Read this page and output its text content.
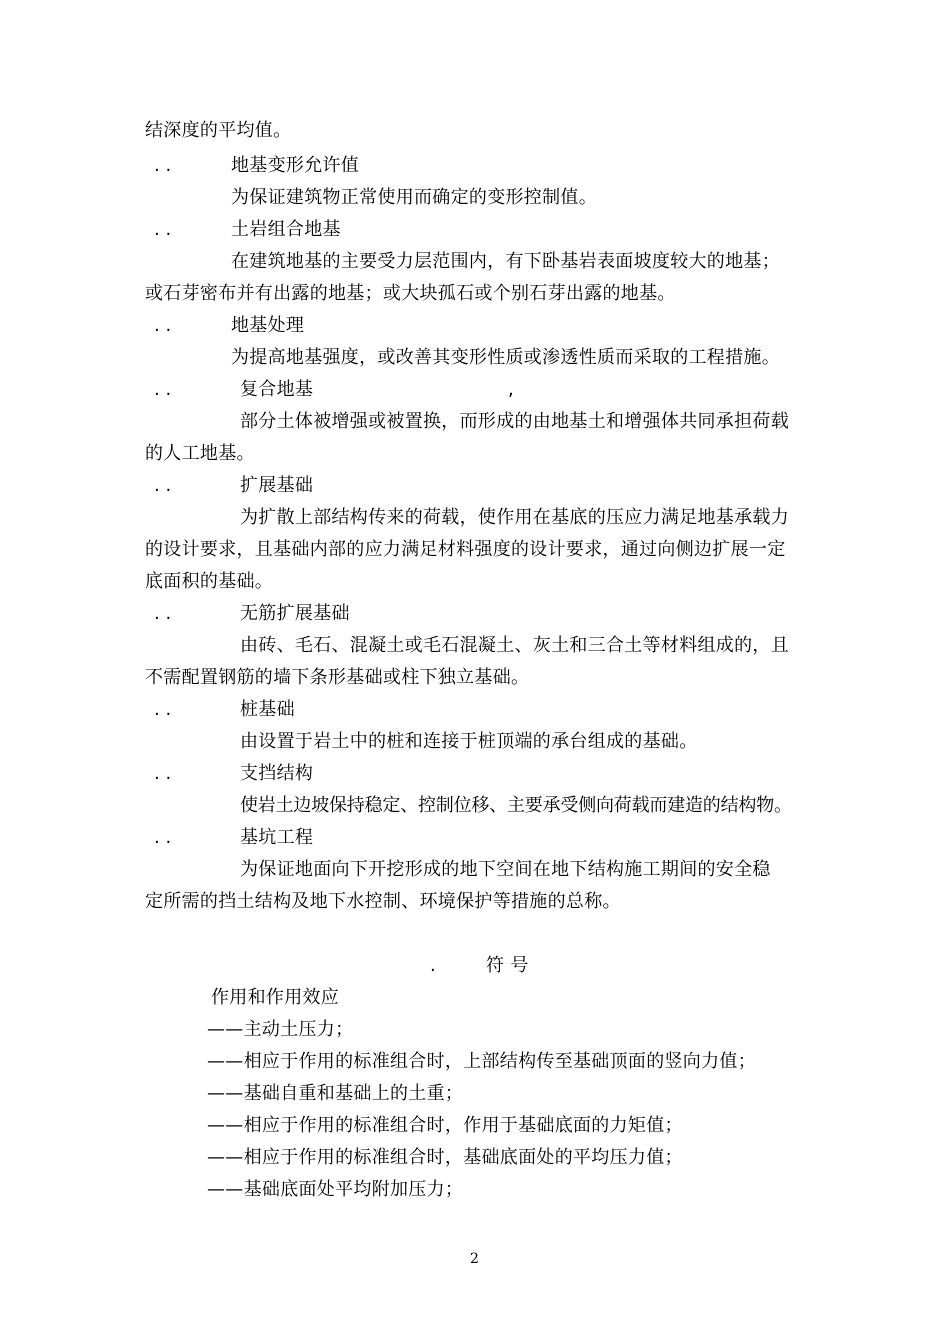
结深度的平均值。
. .	地基变形允许值
为保证建筑物正常使用而确定的变形控制值。
. .	土岩组合地基
在建筑地基的主要受力层范围内，有下卧基岩表面坡度较大的地基；
或石芽密布并有出露的地基；或大块孤石或个别石芽出露的地基。
. .	地基处理
为提高地基强度，或改善其变形性质或渗透性质而采取的工程措施。
. .	复合地基	,
部分土体被增强或被置换，而形成的由地基土和增强体共同承担荷载
的人工地基。
. .	扩展基础
为扩散上部结构传来的荷载，使作用在基底的压应力满足地基承载力
的设计要求，且基础内部的应力满足材料强度的设计要求，通过向侧边扩展一定
底面积的基础。
. .	无筋扩展基础
由砖、毛石、混凝土或毛石混凝土、灰土和三合土等材料组成的，且
不需配置钢筋的墙下条形基础或柱下独立基础。
. .	桩基础
由设置于岩土中的桩和连接于桩顶端的承台组成的基础。
. .	支挡结构
使岩土边坡保持稳定、控制位移、主要承受侧向荷载而建造的结构物。
. .	基坑工程
为保证地面向下开挖形成的地下空间在地下结构施工期间的安全稳
定所需的挡土结构及地下水控制、环境保护等措施的总称。
.	符 号
作用和作用效应
——主动土压力；
——相应于作用的标准组合时，上部结构传至基础顶面的竖向力值；
——基础自重和基础上的土重；
——相应于作用的标准组合时，作用于基础底面的力矩值；
——相应于作用的标准组合时，基础底面处的平均压力值；
——基础底面处平均附加压力；
2
